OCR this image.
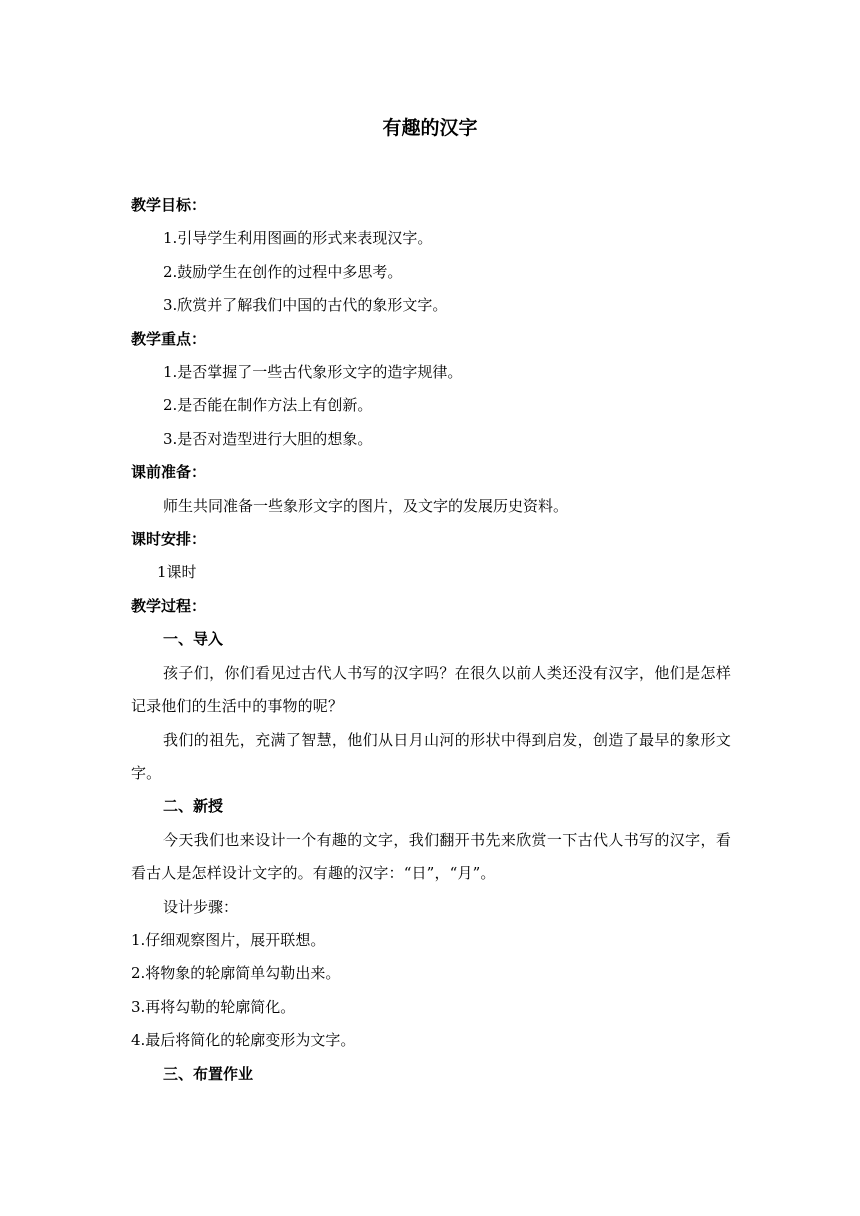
有趣的汉字
教学目标：
1.引导学生利用图画的形式来表现汉字。
2.鼓励学生在创作的过程中多思考。
3.欣赏并了解我们中国的古代的象形文字。
教学重点：
1.是否掌握了一些古代象形文字的造字规律。
2.是否能在制作方法上有创新。
3.是否对造型进行大胆的想象。
课前准备：
师生共同准备一些象形文字的图片，及文字的发展历史资料。
课时安排：
1课时
教学过程：
一、导入
孩子们，你们看见过古代人书写的汉字吗？在很久以前人类还没有汉字，他们是怎样记录他们的生活中的事物的呢？
我们的祖先，充满了智慧，他们从日月山河的形状中得到启发，创造了最早的象形文字。
二、新授
今天我们也来设计一个有趣的文字，我们翻开书先来欣赏一下古代人书写的汉字，看看古人是怎样设计文字的。有趣的汉字：“日”，“月”。
设计步骤：
1.仔细观察图片，展开联想。
2.将物象的轮廓简单勾勒出来。
3.再将勾勒的轮廓简化。
4.最后将简化的轮廓变形为文字。
三、布置作业
